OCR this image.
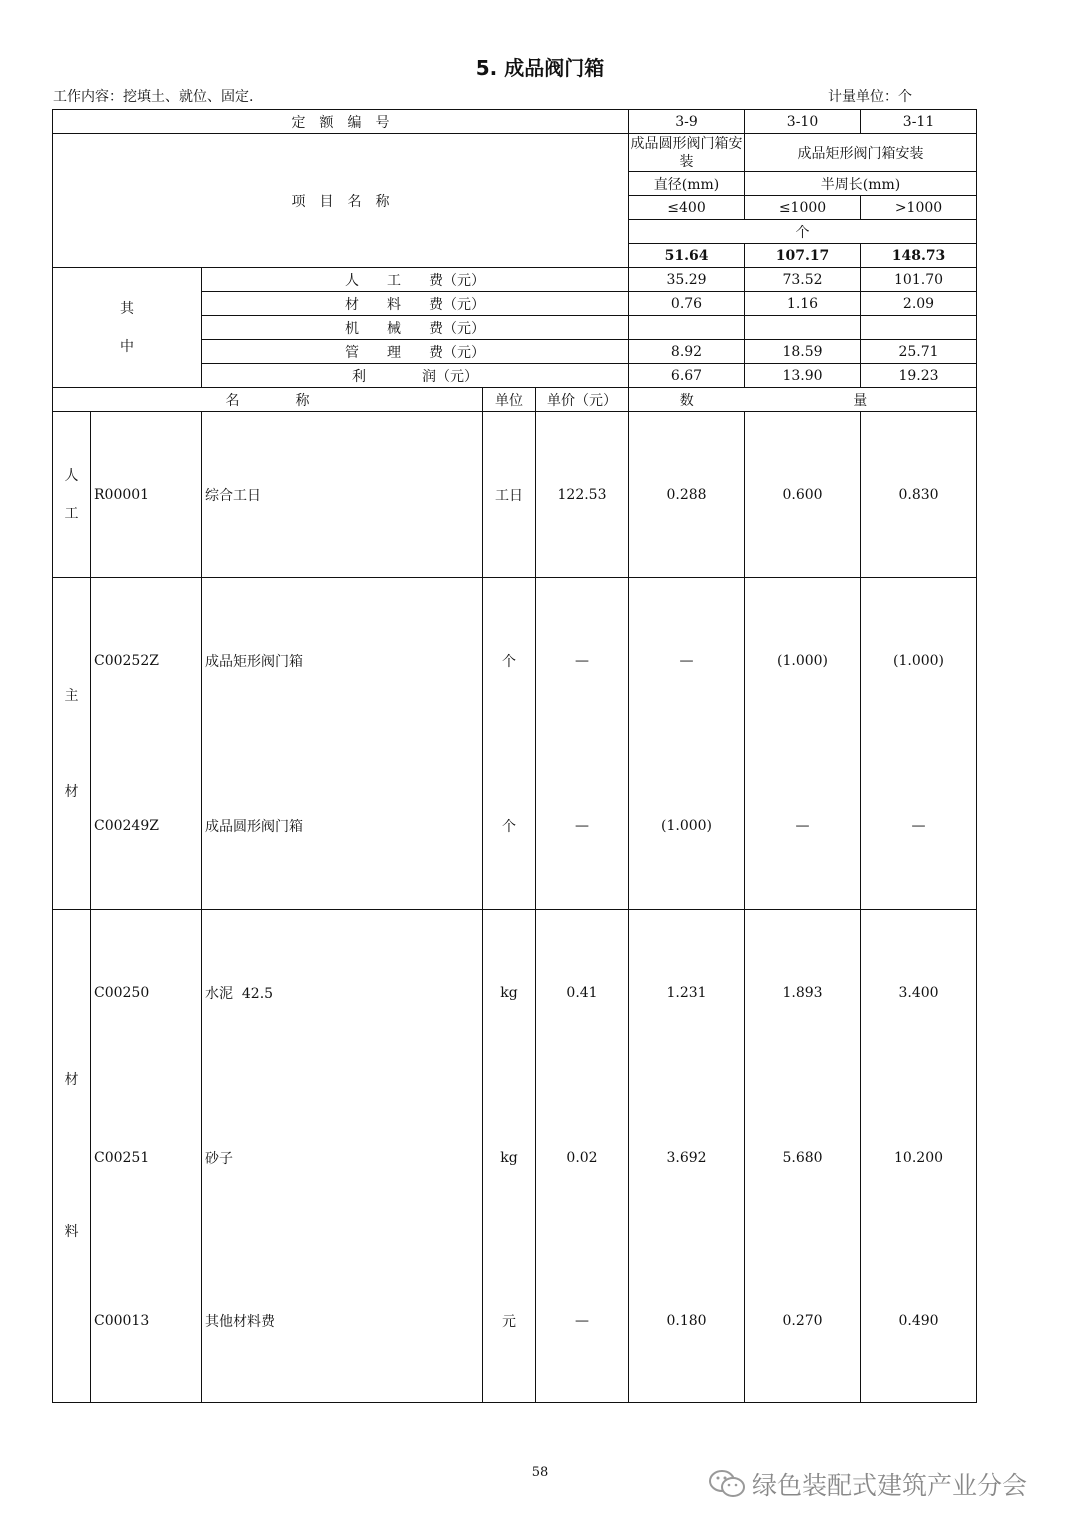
5. 成品阀门箱
工作内容：挖填土、就位、固定.	计量单位：个
定　额　编　号					3-9	3-10	3-11
项　目　名　称					成品圆形阀门箱安装	成品矩形阀门箱安装	
					直径(mm)	半周长(mm)	
					≤400	≤1000	>1000
					个		
					51.64	107.17	148.73

其
中		人　　工　　费（元）			35.29	73.52	101.70
		材　　料　　费（元）			0.76	1.16	2.09
		机　　械　　费（元）					
		管　　理　　费（元）			8.92	18.59	25.71
		利　　　　润（元）			6.67	13.90	19.23
名　　　　称			单位	单价（元）	数	量	

人
工	R00001	综合工日	工日	122.53	0.288	0.600	0.830

主
材	C00252Z	成品矩形阀门箱	个	—	—	(1.000)	(1.000)
	C00249Z	成品圆形阀门箱	个	—	(1.000)	—	—

材
料	C00250	水泥  42.5	kg	0.41	1.231	1.893	3.400
	C00251	砂子	kg	0.02	3.692	5.680	10.200
	C00013	其他材料费	元	—	0.180	0.270	0.490
58	绿色装配式建筑产业分会
